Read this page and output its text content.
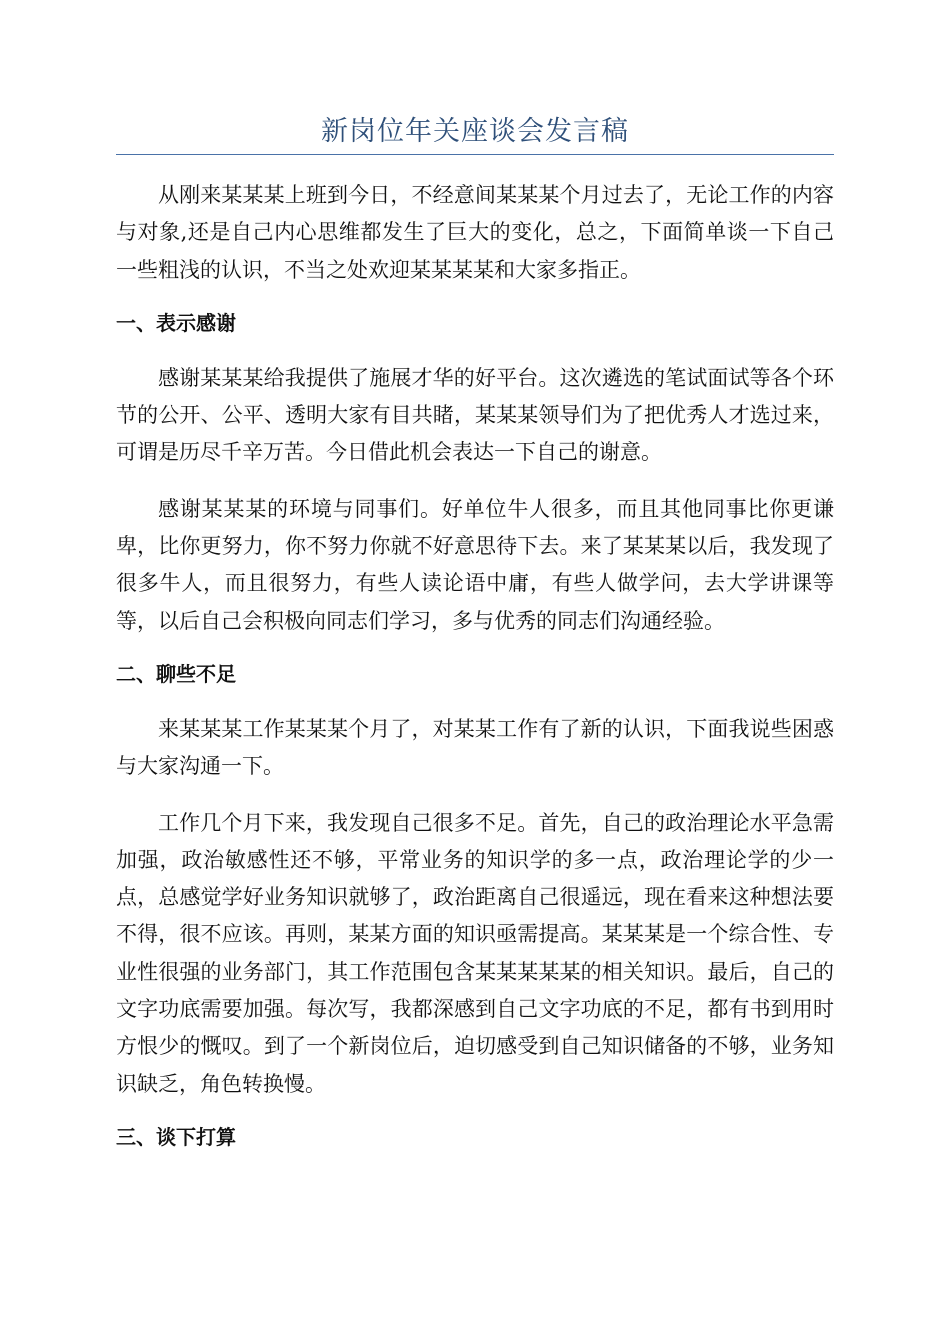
新岗位年关座谈会发言稿

从刚来某某某上班到今日，不经意间某某某个月过去了，无论工作的内容与对象,还是自己内心思维都发生了巨大的变化，总之，下面简单谈一下自己一些粗浅的认识，不当之处欢迎某某某某和大家多指正。

一、表示感谢

感谢某某某给我提供了施展才华的好平台。这次遴选的笔试面试等各个环节的公开、公平、透明大家有目共睹，某某某领导们为了把优秀人才选过来，可谓是历尽千辛万苦。今日借此机会表达一下自己的谢意。

感谢某某某的环境与同事们。好单位牛人很多，而且其他同事比你更谦卑，比你更努力，你不努力你就不好意思待下去。来了某某某以后，我发现了很多牛人，而且很努力，有些人读论语中庸，有些人做学问，去大学讲课等等，以后自己会积极向同志们学习，多与优秀的同志们沟通经验。

二、聊些不足

来某某某工作某某某个月了，对某某工作有了新的认识，下面我说些困惑与大家沟通一下。

工作几个月下来，我发现自己很多不足。首先，自己的政治理论水平急需加强，政治敏感性还不够，平常业务的知识学的多一点，政治理论学的少一点，总感觉学好业务知识就够了，政治距离自己很遥远，现在看来这种想法要不得，很不应该。再则，某某方面的知识亟需提高。某某某是一个综合性、专业性很强的业务部门，其工作范围包含某某某某某的相关知识。最后，自己的文字功底需要加强。每次写，我都深感到自己文字功底的不足，都有书到用时方恨少的慨叹。到了一个新岗位后，迫切感受到自己知识储备的不够，业务知识缺乏，角色转换慢。

三、谈下打算
